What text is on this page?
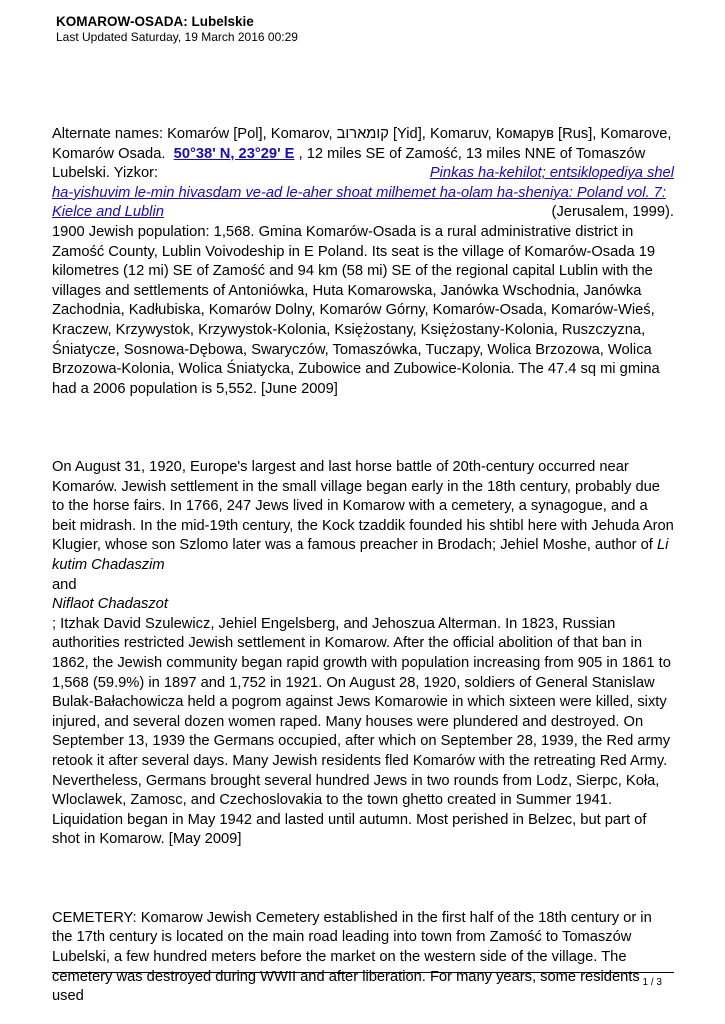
KOMAROW-OSADA: Lubelskie

Last Updated Saturday, 19 March 2016 00:29

Alternate names: Komarów [Pol], Komarov, קומארוב [Yid], Komaruv, Комарув [Rus], Komarove,

Komarów Osada. 50°38' N, 23°29' E , 12 miles SE of Zamość, 13 miles NNE of Tomaszów

Lubelski. Yizkor:	Pinkas ha-kehilot; entsiklopediya shel

ha-yishuvim le-min hivasdam ve-ad le-aher shoat milhemet ha-olam ha-sheniya: Poland vol. 7:

Kielce and Lublin	(Jerusalem, 1999).

1900 Jewish population: 1,568. Gmina Komarów-Osada is a rural administrative district in Zamość County, Lublin Voivodeship in E Poland. Its seat is the village of Komarów-Osada 19 kilometres (12 mi) SE of Zamość and 94 km (58 mi) SE of the regional capital Lublin with the villages and settlements of Antoniówka, Huta Komarowska, Janówka Wschodnia, Janówka Zachodnia, Kadłubiska, Komarów Dolny, Komarów Górny, Komarów-Osada, Komarów-Wieś, Kraczew, Krzywystok, Krzywystok-Kolonia, Księżostany, Księżostany-Kolonia, Ruszczyzna, Śniatycze, Sosnowa-Dębowa, Swaryczów, Tomaszówka, Tuczapy, Wolica Brzozowa, Wolica Brzozowa-Kolonia, Wolica Śniatycka, Zubowice and Zubowice-Kolonia. The 47.4 sq mi gmina had a 2006 population is 5,552. [June 2009]

On August 31, 1920, Europe's largest and last horse battle of 20th-century occurred near Komarów. Jewish settlement in the small village began early in the 18th century, probably due to the horse fairs. In 1766, 247 Jews lived in Komarow with a cemetery, a synagogue, and a beit midrash. In the mid-19th century, the Kock tzaddik founded his shtibl here with Jehuda Aron Klugier, whose son Szlomo later was a famous preacher in Brodach; Jehiel Moshe, author of Li kutim Chadaszim

and

Niflaot Chadaszot

; Itzhak David Szulewicz, Jehiel Engelsberg, and Jehoszua Alterman. In 1823, Russian authorities restricted Jewish settlement in Komarow. After the official abolition of that ban in 1862, the Jewish community began rapid growth with population increasing from 905 in 1861 to 1,568 (59.9%) in 1897 and 1,752 in 1921. On August 28, 1920, soldiers of General Stanislaw Bulak-Bałachowicza held a pogrom against Jews Komarowie in which sixteen were killed, sixty injured, and several dozen women raped. Many houses were plundered and destroyed. On September 13, 1939 the Germans occupied, after which on September 28, 1939, the Red army retook it after several days. Many Jewish residents fled Komarów with the retreating Red Army. Nevertheless, Germans brought several hundred Jews in two rounds from Lodz, Sierpc, Koła, Wloclawek, Zamosc, and Czechoslovakia to the town ghetto created in Summer 1941. Liquidation began in May 1942 and lasted until autumn. Most perished in Belzec, but part of shot in Komarow. [May 2009]

CEMETERY: Komarow Jewish Cemetery established in the first half of the 18th century or in the 17th century is located on the main road leading into town from Zamość to Tomaszów Lubelski, a few hundred meters before the market on the western side of the village. The cemetery was destroyed during WWII and after liberation. For many years, some residents used

1 / 3
